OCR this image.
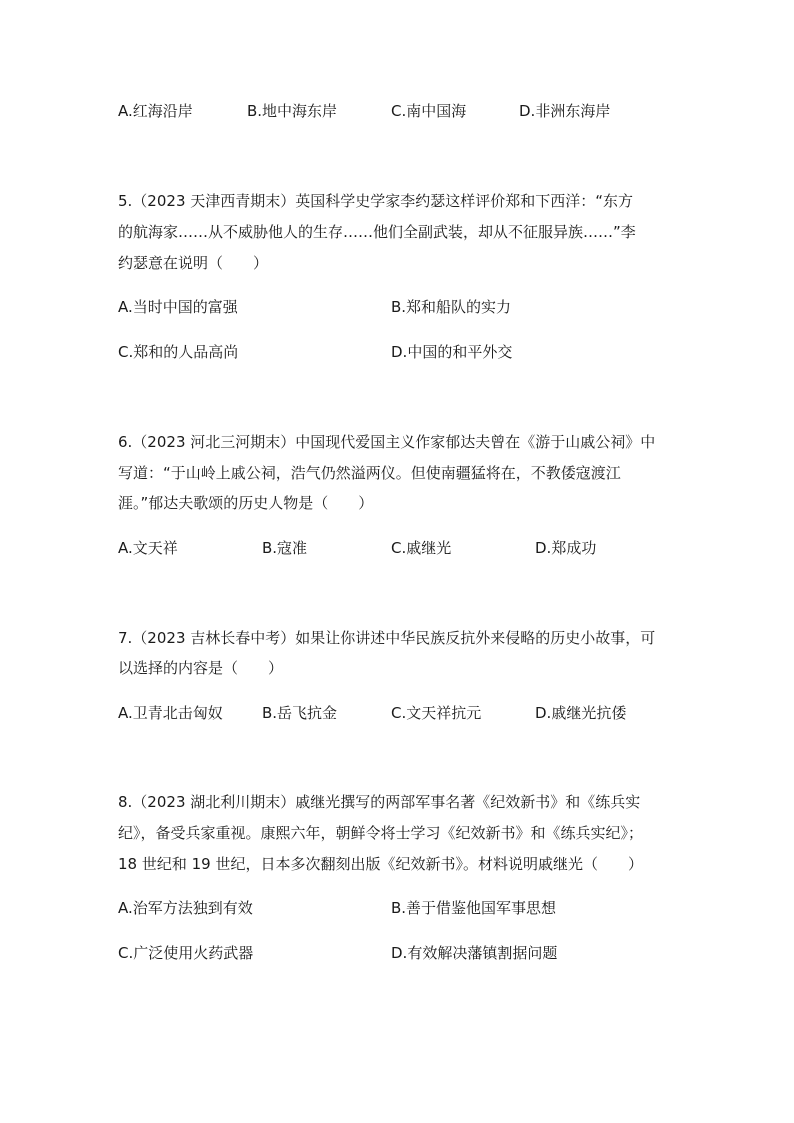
A.红海沿岸	B.地中海东岸	C.南中国海	D.非洲东海岸
5.（2023 天津西青期末）英国科学史学家李约瑟这样评价郑和下西洋：“东方
的航海家……从不威胁他人的生存……他们全副武装，却从不征服异族……”李
约瑟意在说明（　　）
A.当时中国的富强	B.郑和船队的实力
C.郑和的人品高尚	D.中国的和平外交
6.（2023 河北三河期末）中国现代爱国主义作家郁达夫曾在《游于山戚公祠》中
写道：“于山岭上戚公祠，浩气仍然溢两仪。但使南疆猛将在，不教倭寇渡江
涯。”郁达夫歌颂的历史人物是（　　）
A.文天祥	B.寇准	C.戚继光	D.郑成功
7.（2023 吉林长春中考）如果让你讲述中华民族反抗外来侵略的历史小故事，可
以选择的内容是（　　）
A.卫青北击匈奴	B.岳飞抗金	C.文天祥抗元	D.戚继光抗倭
8.（2023 湖北利川期末）戚继光撰写的两部军事名著《纪效新书》和《练兵实
纪》，备受兵家重视。康熙六年，朝鲜令将士学习《纪效新书》和《练兵实纪》；
18 世纪和 19 世纪，日本多次翻刻出版《纪效新书》。材料说明戚继光（　　）
A.治军方法独到有效	B.善于借鉴他国军事思想
C.广泛使用火药武器	D.有效解决藩镇割据问题
